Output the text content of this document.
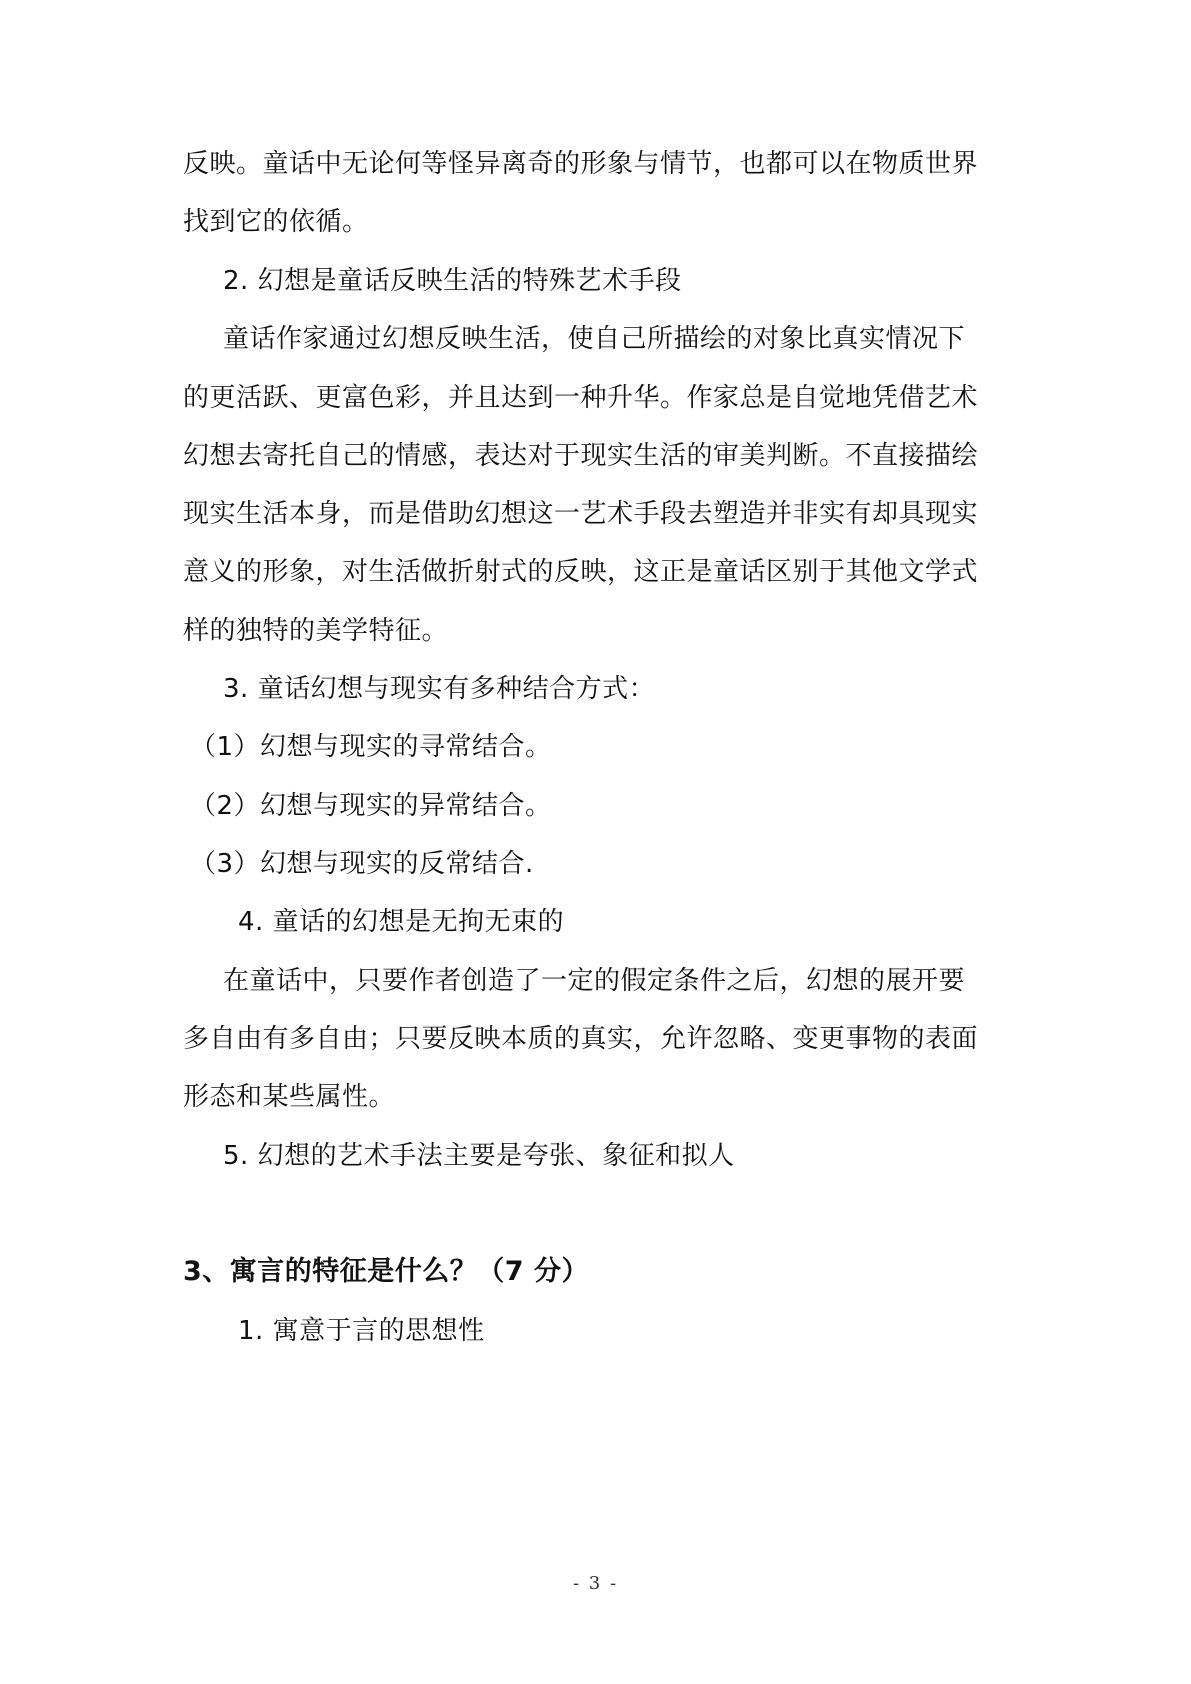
反映。童话中无论何等怪异离奇的形象与情节，也都可以在物质世界
找到它的依循。
2. 幻想是童话反映生活的特殊艺术手段
童话作家通过幻想反映生活，使自己所描绘的对象比真实情况下
的更活跃、更富色彩，并且达到一种升华。作家总是自觉地凭借艺术
幻想去寄托自己的情感，表达对于现实生活的审美判断。不直接描绘
现实生活本身，而是借助幻想这一艺术手段去塑造并非实有却具现实
意义的形象，对生活做折射式的反映，这正是童话区别于其他文学式
样的独特的美学特征。
3. 童话幻想与现实有多种结合方式：
（1）幻想与现实的寻常结合。
（2）幻想与现实的异常结合。
（3）幻想与现实的反常结合.
4. 童话的幻想是无拘无束的
在童话中，只要作者创造了一定的假定条件之后，幻想的展开要
多自由有多自由；只要反映本质的真实，允许忽略、变更事物的表面
形态和某些属性。
5. 幻想的艺术手法主要是夸张、象征和拟人
3、寓言的特征是什么？（7 分）
1. 寓意于言的思想性
- 3 -
